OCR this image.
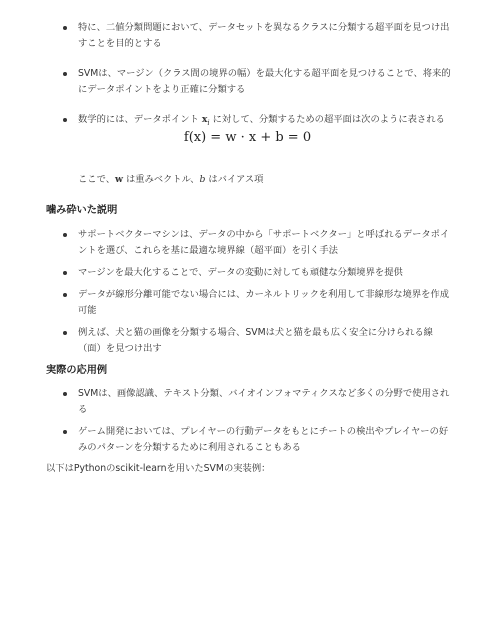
特に、二値分類問題において、データセットを異なるクラスに分類する超平面を見つけ出すことを目的とする
SVMは、マージン（クラス間の境界の幅）を最大化する超平面を見つけることで、将来的にデータポイントをより正確に分類する
数学的には、データポイント $x_i$ に対して、分類するための超平面は次のように表される
f(x) = w · x + b = 0
ここで、w は重みベクトル、b はバイアス項
噛み砕いた説明
サポートベクターマシンは、データの中から「サポートベクター」と呼ばれるデータポイントを選び、これらを基に最適な境界線（超平面）を引く手法
マージンを最大化することで、データの変動に対しても頑健な分類境界を提供
データが線形分離可能でない場合には、カーネルトリックを利用して非線形な境界を作成可能
例えば、犬と猫の画像を分類する場合、SVMは犬と猫を最も広く安全に分けられる線（面）を見つけ出す
実際の応用例
SVMは、画像認識、テキスト分類、バイオインフォマティクスなど多くの分野で使用される
ゲーム開発においては、プレイヤーの行動データをもとにチートの検出やプレイヤーの好みのパターンを分類するために利用されることもある
以下はPythonのscikit-learnを用いたSVMの実装例：
